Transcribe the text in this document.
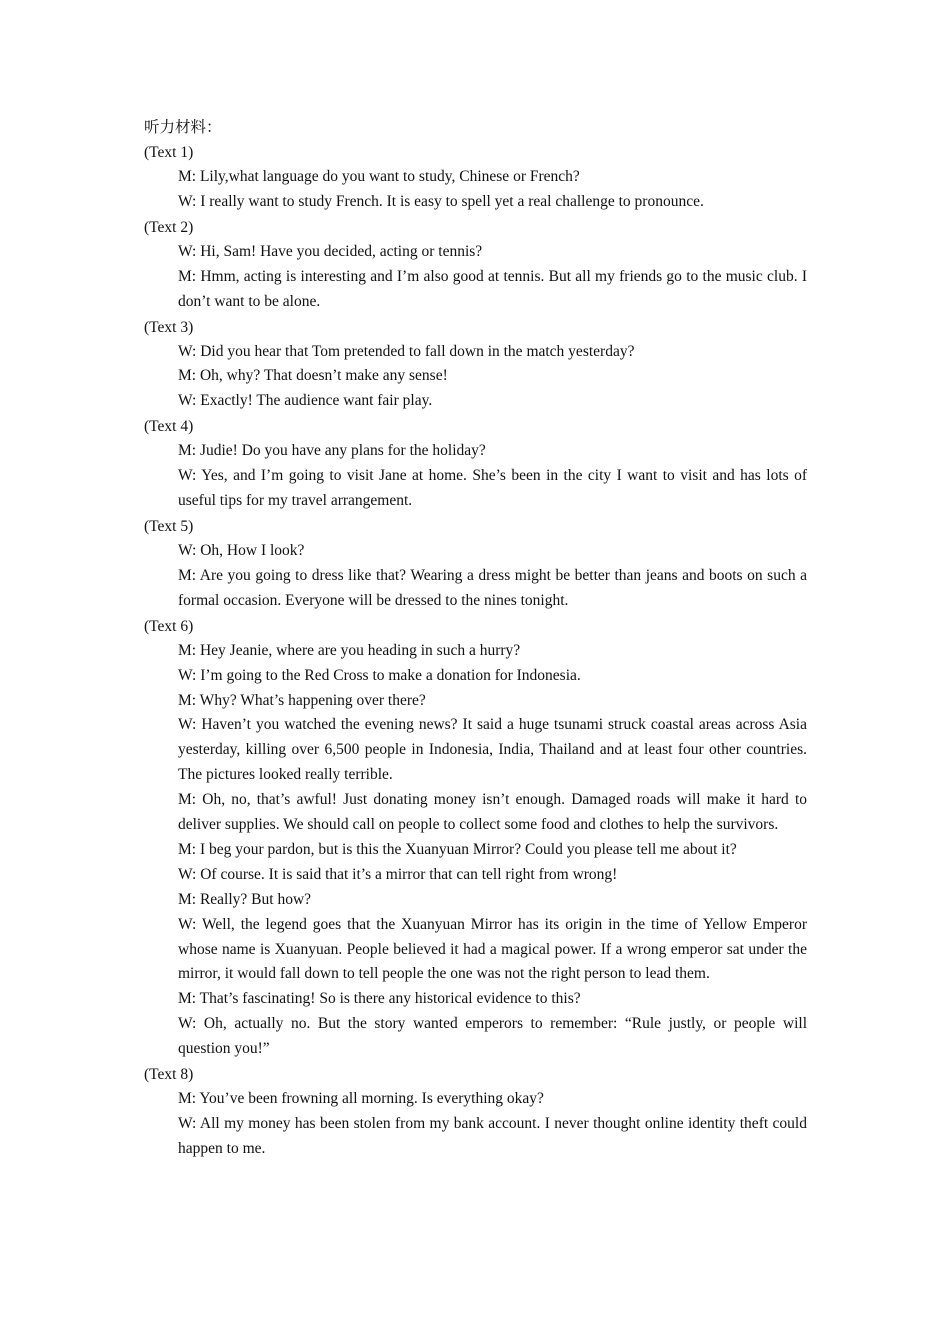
听力材料：
(Text 1)
M: Lily,what language do you want to study, Chinese or French?
W: I really want to study French. It is easy to spell yet a real challenge to pronounce.
(Text 2)
W: Hi, Sam! Have you decided, acting or tennis?
M: Hmm, acting is interesting and I’m also good at tennis. But all my friends go to the music club. I don’t want to be alone.
(Text 3)
W: Did you hear that Tom pretended to fall down in the match yesterday?
M: Oh, why? That doesn’t make any sense!
W: Exactly! The audience want fair play.
(Text 4)
M: Judie! Do you have any plans for the holiday?
W: Yes, and I’m going to visit Jane at home. She’s been in the city I want to visit and has lots of useful tips for my travel arrangement.
(Text 5)
W: Oh, How I look?
M: Are you going to dress like that? Wearing a dress might be better than jeans and boots on such a formal occasion. Everyone will be dressed to the nines tonight.
(Text 6)
M: Hey Jeanie, where are you heading in such a hurry?
W: I’m going to the Red Cross to make a donation for Indonesia.
M: Why? What’s happening over there?
W: Haven’t you watched the evening news? It said a huge tsunami struck coastal areas across Asia yesterday, killing over 6,500 people in Indonesia, India, Thailand and at least four other countries. The pictures looked really terrible.
M: Oh, no, that’s awful! Just donating money isn’t enough. Damaged roads will make it hard to deliver supplies. We should call on people to collect some food and clothes to help the survivors.
M: I beg your pardon, but is this the Xuanyuan Mirror? Could you please tell me about it?
W: Of course. It is said that it’s a mirror that can tell right from wrong!
M: Really? But how?
W: Well, the legend goes that the Xuanyuan Mirror has its origin in the time of Yellow Emperor whose name is Xuanyuan. People believed it had a magical power. If a wrong emperor sat under the mirror, it would fall down to tell people the one was not the right person to lead them.
M: That’s fascinating! So is there any historical evidence to this?
W: Oh, actually no. But the story wanted emperors to remember: “Rule justly, or people will question you!”
(Text 8)
M: You’ve been frowning all morning. Is everything okay?
W: All my money has been stolen from my bank account. I never thought online identity theft could happen to me.
